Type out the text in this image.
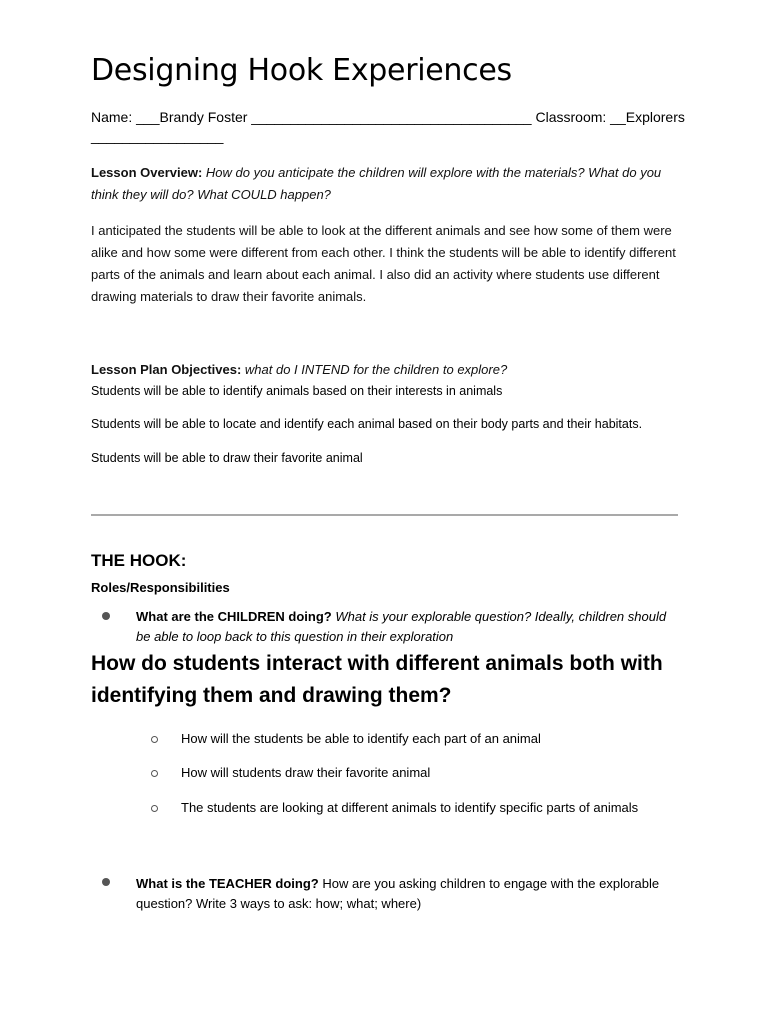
Designing Hook Experiences
Name: ___Brandy Foster ____________________________________ Classroom: __Explorers _________________
Lesson Overview: How do you anticipate the children will explore with the materials? What do you think they will do? What COULD happen?
I anticipated the students will be able to look at the different animals and see how some of them were alike and how some were different from each other. I think the students will be able to identify different parts of the animals and learn about each animal. I also did an activity where students use different drawing materials to draw their favorite animals.
Lesson Plan Objectives: what do I INTEND for the children to explore?
Students will be able to identify animals based on their interests in animals
Students will be able to locate and identify each animal based on their body parts and their habitats.
Students will be able to draw their favorite animal
THE HOOK:
Roles/Responsibilities
What are the CHILDREN doing? What is your explorable question? Ideally, children should be able to loop back to this question in their exploration
How do students interact with different animals both with identifying them and drawing them?
How will the students be able to identify each part of an animal
How will students draw their favorite animal
The students are looking at different animals to identify specific parts of animals
What is the TEACHER doing? How are you asking children to engage with the explorable question? Write 3 ways to ask: how; what; where)
